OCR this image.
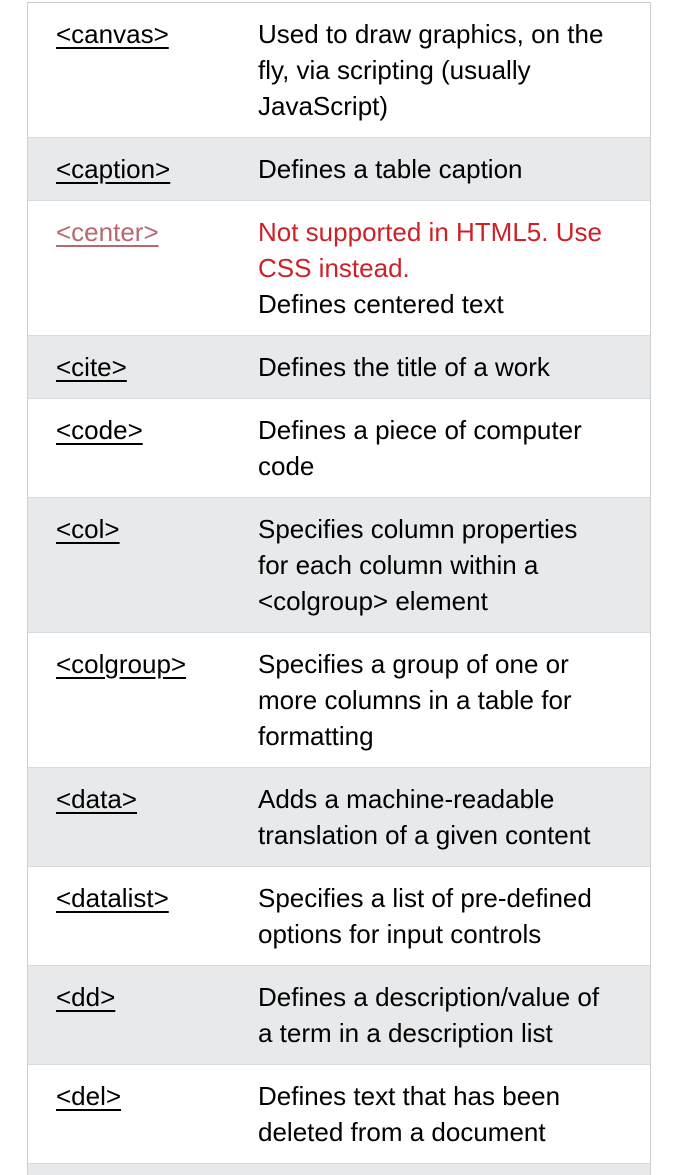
<canvas>	Used to draw graphics, on the fly, via scripting (usually JavaScript)
<caption>	Defines a table caption
<center>	Not supported in HTML5. Use CSS instead.
Defines centered text
<cite>	Defines the title of a work
<code>	Defines a piece of computer code
<col>	Specifies column properties for each column within a <colgroup> element
<colgroup>	Specifies a group of one or more columns in a table for formatting
<data>	Adds a machine-readable translation of a given content
<datalist>	Specifies a list of pre-defined options for input controls
<dd>	Defines a description/value of a term in a description list
<del>	Defines text that has been deleted from a document
